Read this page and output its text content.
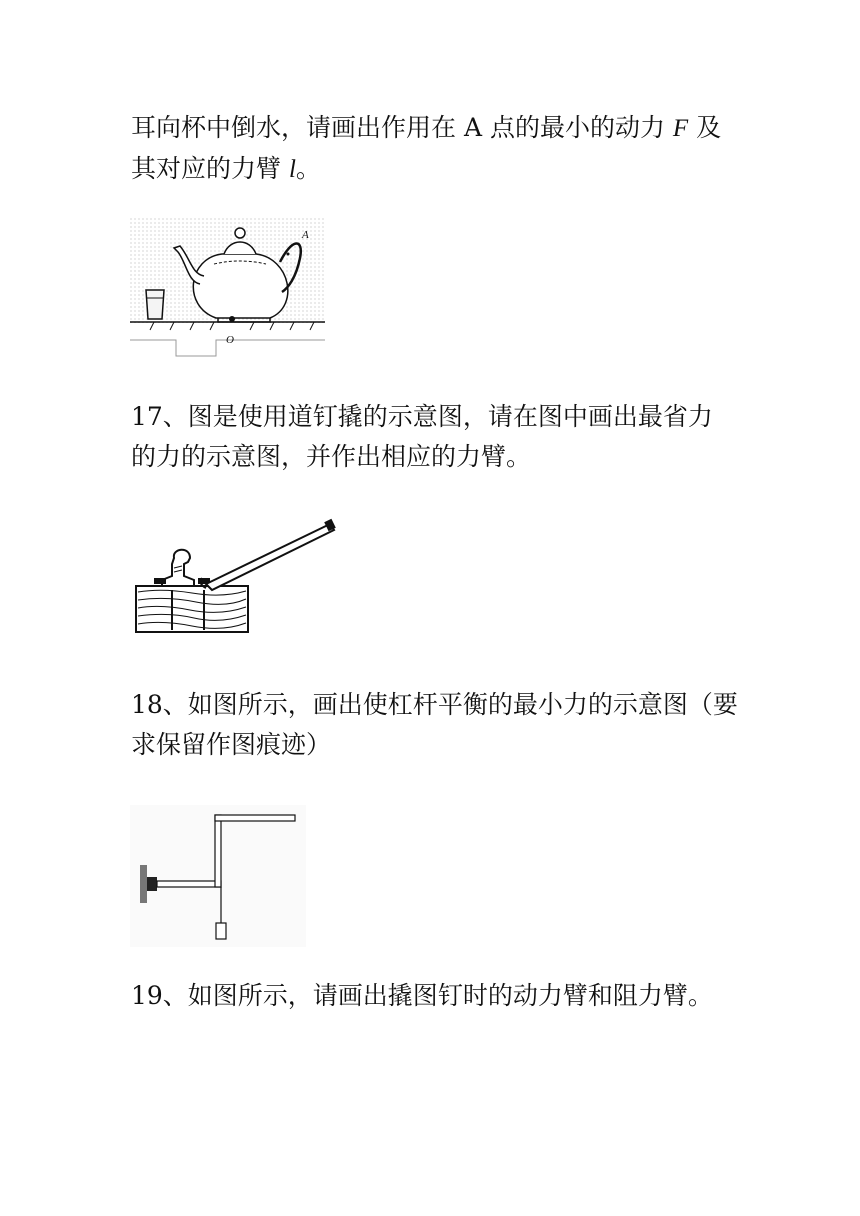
耳向杯中倒水，请画出作用在 A 点的最小的动力 F 及
其对应的力臂 l。

A
O

17、图是使用道钉撬的示意图，请在图中画出最省力
的力的示意图，并作出相应的力臂。

18、如图所示，画出使杠杆平衡的最小力的示意图（要
求保留作图痕迹）

19、如图所示，请画出撬图钉时的动力臂和阻力臂。
